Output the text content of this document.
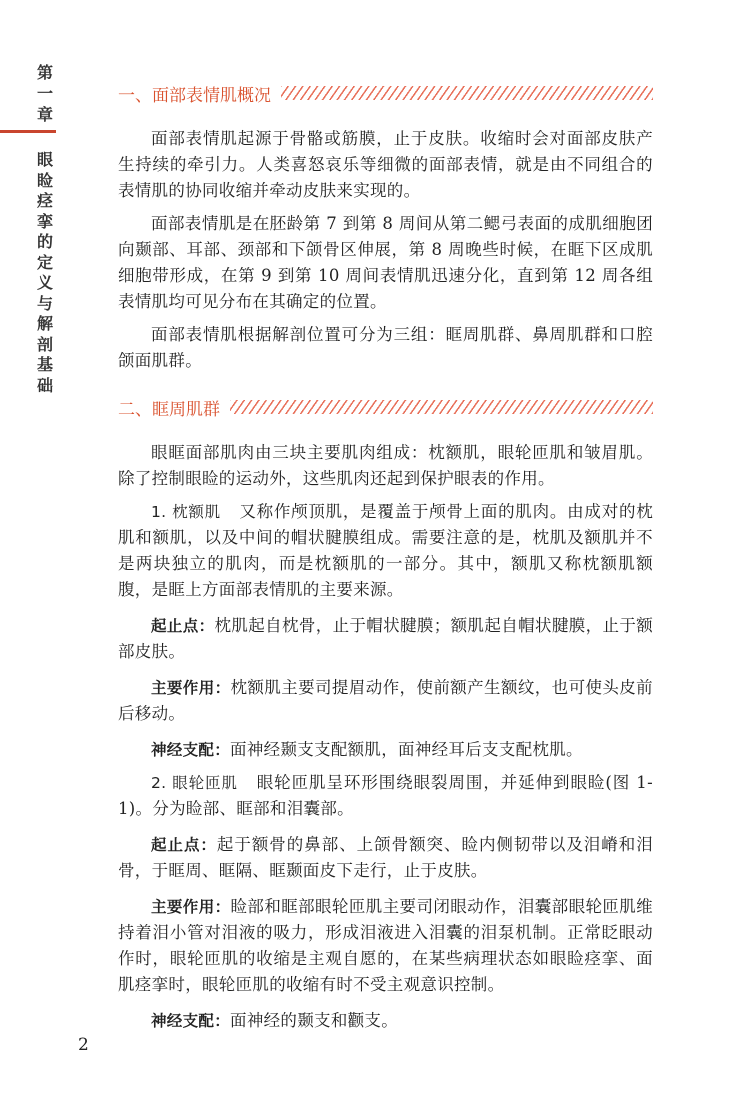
第一章
眼睑痉挛的定义与解剖基础
一、面部表情肌概况

面部表情肌起源于骨骼或筋膜，止于皮肤。收缩时会对面部皮肤产生持续的牵引力。人类喜怒哀乐等细微的面部表情，就是由不同组合的表情肌的协同收缩并牵动皮肤来实现的。

面部表情肌是在胚龄第 7 到第 8 周间从第二鳃弓表面的成肌细胞团向颞部、耳部、颈部和下颌骨区伸展，第 8 周晚些时候，在眶下区成肌细胞带形成，在第 9 到第 10 周间表情肌迅速分化，直到第 12 周各组表情肌均可见分布在其确定的位置。

面部表情肌根据解剖位置可分为三组：眶周肌群、鼻周肌群和口腔颌面肌群。

二、眶周肌群

眼眶面部肌肉由三块主要肌肉组成：枕额肌，眼轮匝肌和皱眉肌。除了控制眼睑的运动外，这些肌肉还起到保护眼表的作用。

1. 枕额肌 又称作颅顶肌，是覆盖于颅骨上面的肌肉。由成对的枕肌和额肌，以及中间的帽状腱膜组成。需要注意的是，枕肌及额肌并不是两块独立的肌肉，而是枕额肌的一部分。其中，额肌又称枕额肌额腹，是眶上方面部表情肌的主要来源。

起止点：枕肌起自枕骨，止于帽状腱膜；额肌起自帽状腱膜，止于额部皮肤。

主要作用：枕额肌主要司提眉动作，使前额产生额纹，也可使头皮前后移动。

神经支配：面神经颞支支配额肌，面神经耳后支支配枕肌。

2. 眼轮匝肌 眼轮匝肌呈环形围绕眼裂周围，并延伸到眼睑(图 1-1)。分为睑部、眶部和泪囊部。

起止点：起于额骨的鼻部、上颌骨额突、睑内侧韧带以及泪嵴和泪骨，于眶周、眶隔、眶颞面皮下走行，止于皮肤。

主要作用：睑部和眶部眼轮匝肌主要司闭眼动作，泪囊部眼轮匝肌维持着泪小管对泪液的吸力，形成泪液进入泪囊的泪泵机制。正常眨眼动作时，眼轮匝肌的收缩是主观自愿的，在某些病理状态如眼睑痉挛、面肌痉挛时，眼轮匝肌的收缩有时不受主观意识控制。

神经支配：面神经的颞支和颧支。

2
